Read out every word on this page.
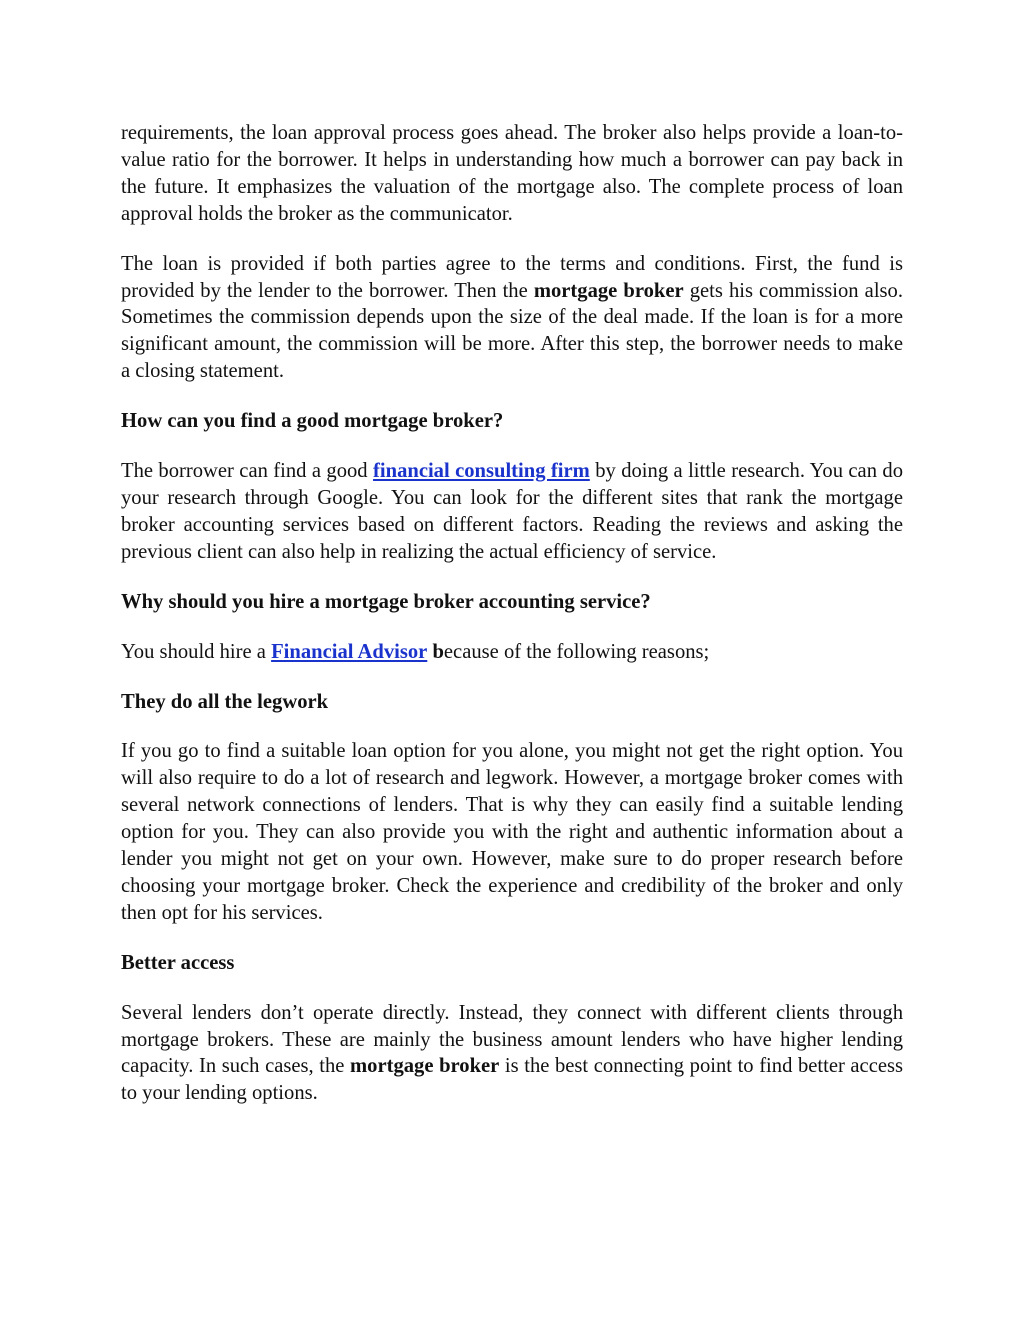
requirements, the loan approval process goes ahead. The broker also helps provide a loan-to-value ratio for the borrower. It helps in understanding how much a borrower can pay back in the future. It emphasizes the valuation of the mortgage also. The complete process of loan approval holds the broker as the communicator.

The loan is provided if both parties agree to the terms and conditions. First, the fund is provided by the lender to the borrower. Then the mortgage broker gets his commission also. Sometimes the commission depends upon the size of the deal made. If the loan is for a more significant amount, the commission will be more. After this step, the borrower needs to make a closing statement.

How can you find a good mortgage broker?

The borrower can find a good financial consulting firm by doing a little research. You can do your research through Google. You can look for the different sites that rank the mortgage broker accounting services based on different factors. Reading the reviews and asking the previous client can also help in realizing the actual efficiency of service.

Why should you hire a mortgage broker accounting service?

You should hire a Financial Advisor because of the following reasons;

They do all the legwork

If you go to find a suitable loan option for you alone, you might not get the right option. You will also require to do a lot of research and legwork. However, a mortgage broker comes with several network connections of lenders. That is why they can easily find a suitable lending option for you. They can also provide you with the right and authentic information about a lender you might not get on your own. However, make sure to do proper research before choosing your mortgage broker. Check the experience and credibility of the broker and only then opt for his services.

Better access

Several lenders don’t operate directly. Instead, they connect with different clients through mortgage brokers. These are mainly the business amount lenders who have higher lending capacity. In such cases, the mortgage broker is the best connecting point to find better access to your lending options.
